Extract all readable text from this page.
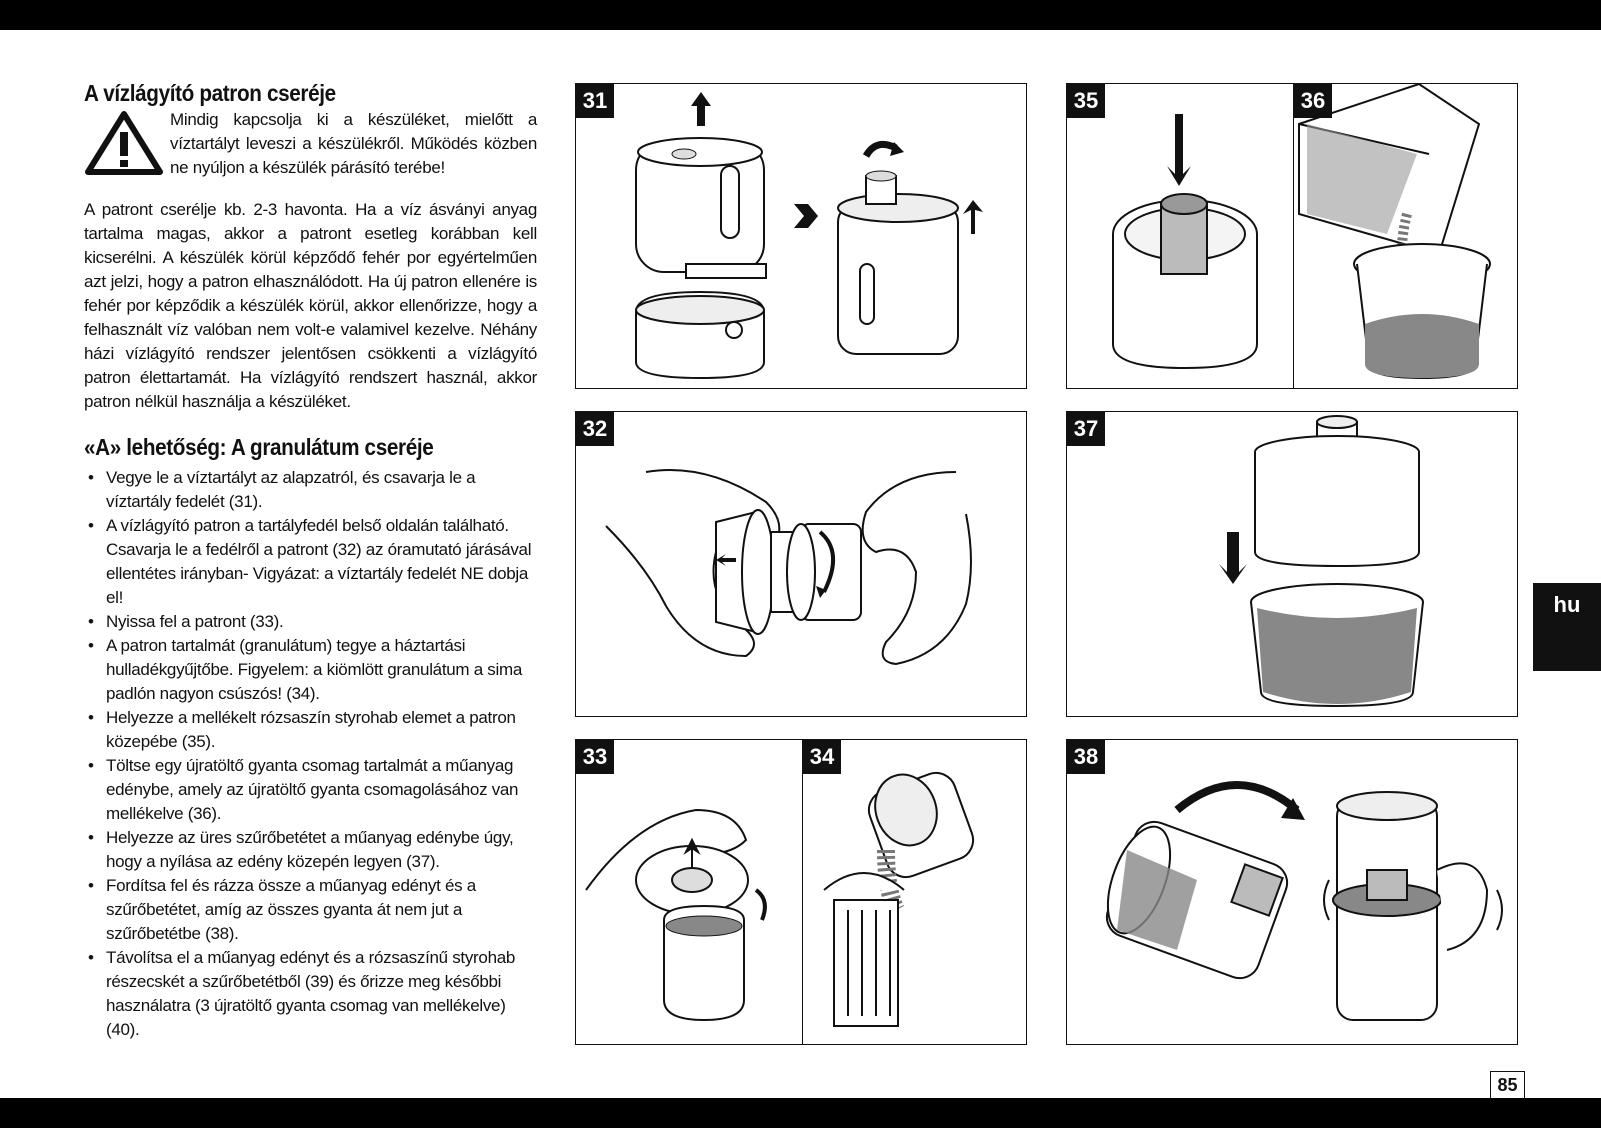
A vízlágyító patron cseréje

Mindig kapcsolja ki a készüléket, mielőtt a víztartályt leveszi a készülékről. Működés közben ne nyúljon a készülék párásító terébe!

A patront cserélje kb. 2-3 havonta. Ha a víz ásványi anyag tartalma magas, akkor a patront esetleg korábban kell kicserélni. A készülék körül képződő fehér por egyértelműen azt jelzi, hogy a patron elhasználódott. Ha új patron ellenére is fehér por képződik a készülék körül, akkor ellenőrizze, hogy a felhasznált víz valóban nem volt-e valamivel kezelve. Néhány házi vízlágyító rendszer jelentősen csökkenti a vízlágyító patron élettartamát. Ha vízlágyító rendszert használ, akkor patron nélkül használja a készüléket.

«A» lehetőség: A granulátum cseréje
• Vegye le a víztartályt az alapzatról, és csavarja le a víztartály fedelét (31).
• A vízlágyító patron a tartályfedél belső oldalán található. Csavarja le a fedélről a patront (32) az óramutató járásával ellentétes irányban- Vigyázat: a víztartály fedelét NE dobja el!
• Nyissa fel a patront (33).
• A patron tartalmát (granulátum) tegye a háztartási hulladékgyűjtőbe. Figyelem: a kiömlött granulátum a sima padlón nagyon csúszós! (34).
• Helyezze a mellékelt rózsaszín styrohab elemet a patron közepébe (35).
• Töltse egy újratöltő gyanta csomag tartalmát a műanyag edénybe, amely az újratöltő gyanta csomagolásához van mellékelve (36).
• Helyezze az üres szűrőbetétet a műanyag edénybe úgy, hogy a nyílása az edény közepén legyen (37).
• Fordítsa fel és rázza össze a műanyag edényt és a szűrőbetétet, amíg az összes gyanta át nem jut a szűrőbetétbe (38).
• Távolítsa el a műanyag edényt és a rózsaszínű styrohab részecskét a szűrőbetétből (39) és őrizze meg későbbi használatra (3 újratöltő gyanta csomag van mellékelve) (40).
31
32
33	34
35	36
37
38
hu
85
